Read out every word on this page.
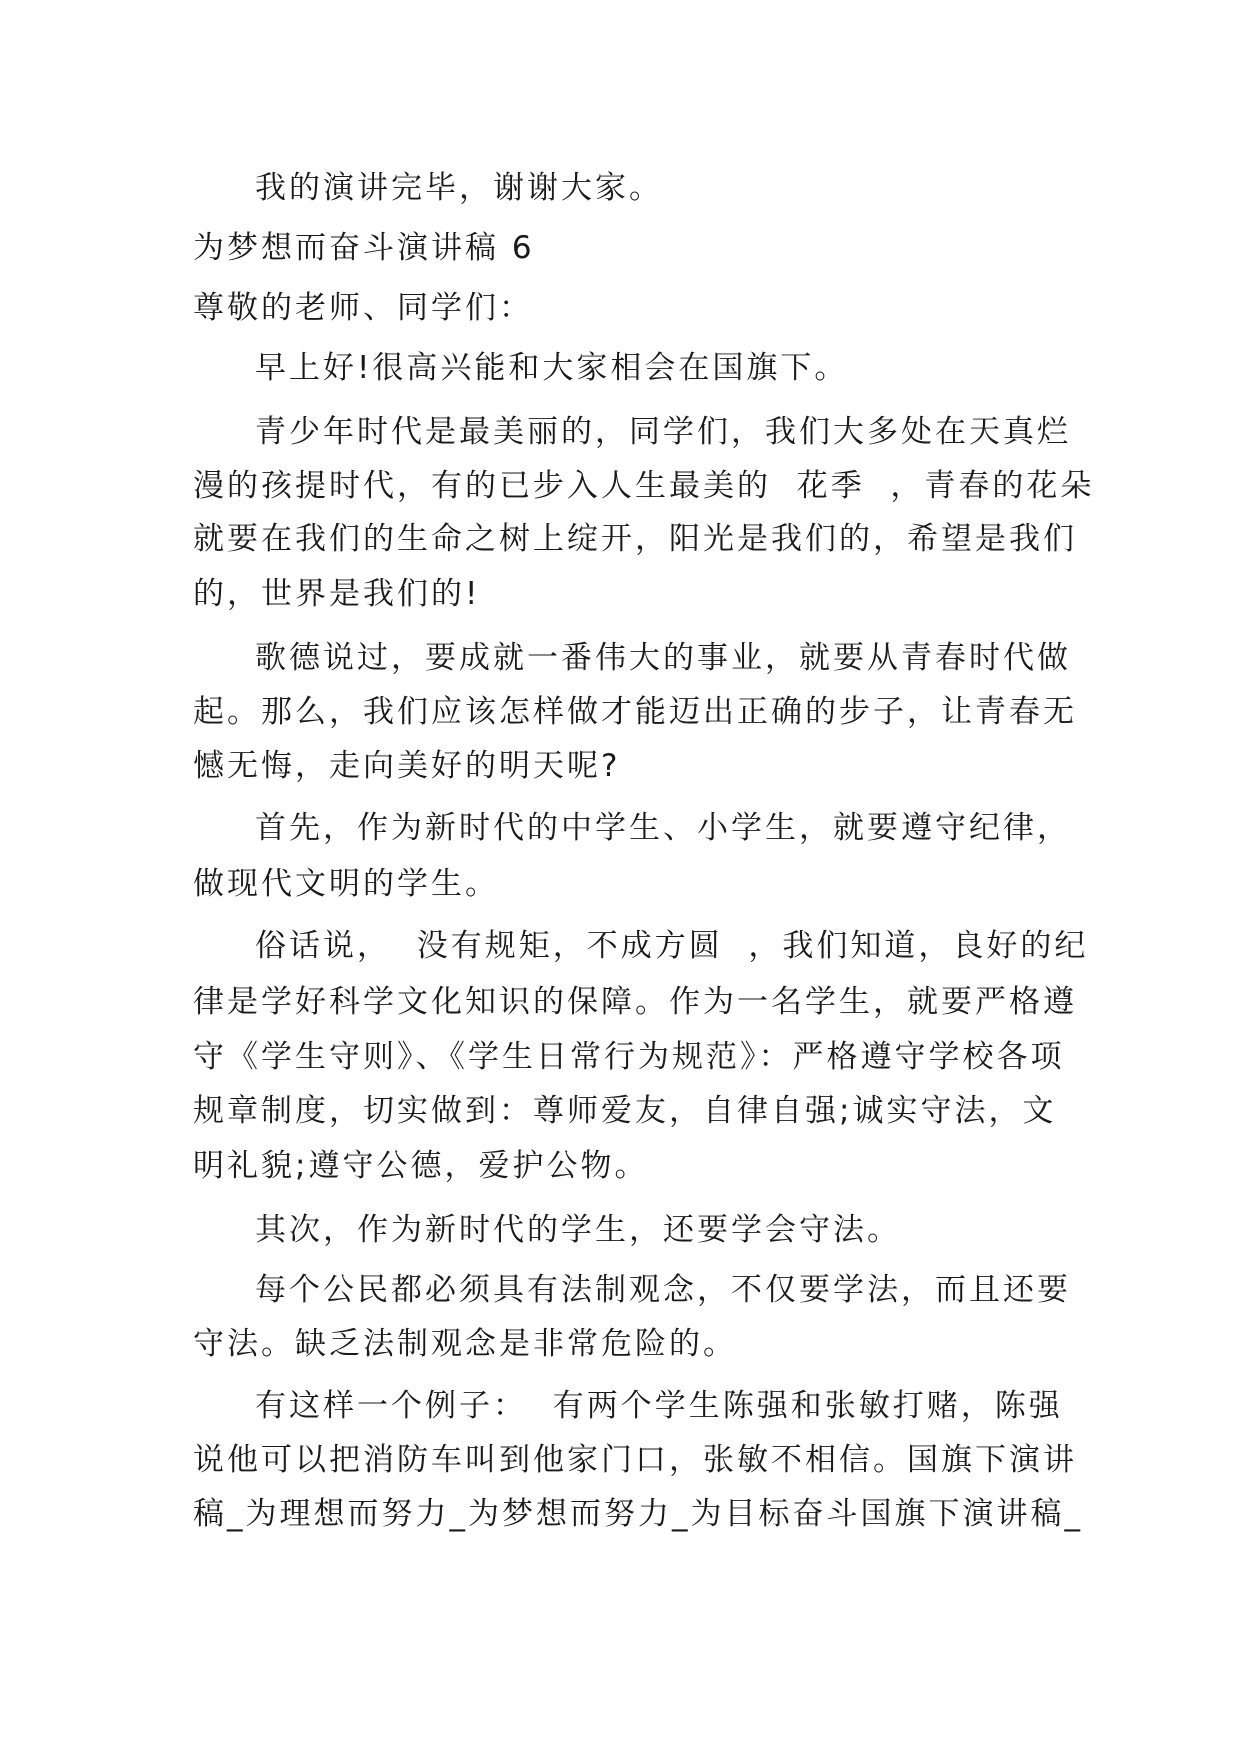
我的演讲完毕，谢谢大家。

为梦想而奋斗演讲稿 6

尊敬的老师、同学们：

早上好!很高兴能和大家相会在国旗下。

青少年时代是最美丽的，同学们，我们大多处在天真烂

漫的孩提时代，有的已步入人生最美的  花季  ，青春的花朵

就要在我们的生命之树上绽开，阳光是我们的，希望是我们

的，世界是我们的!

歌德说过，要成就一番伟大的事业，就要从青春时代做

起。那么，我们应该怎样做才能迈出正确的步子，让青春无

憾无悔，走向美好的明天呢?

首先，作为新时代的中学生、小学生，就要遵守纪律，

做现代文明的学生。

俗话说，  没有规矩，不成方圆  ，我们知道，良好的纪

律是学好科学文化知识的保障。作为一名学生，就要严格遵

守《学生守则》、《学生日常行为规范》：严格遵守学校各项

规章制度，切实做到：尊师爱友，自律自强;诚实守法，文

明礼貌;遵守公德，爱护公物。

其次，作为新时代的学生，还要学会守法。

每个公民都必须具有法制观念，不仅要学法，而且还要

守法。缺乏法制观念是非常危险的。

有这样一个例子：  有两个学生陈强和张敏打赌，陈强

说他可以把消防车叫到他家门口，张敏不相信。国旗下演讲

稿_为理想而努力_为梦想而努力_为目标奋斗国旗下演讲稿_
